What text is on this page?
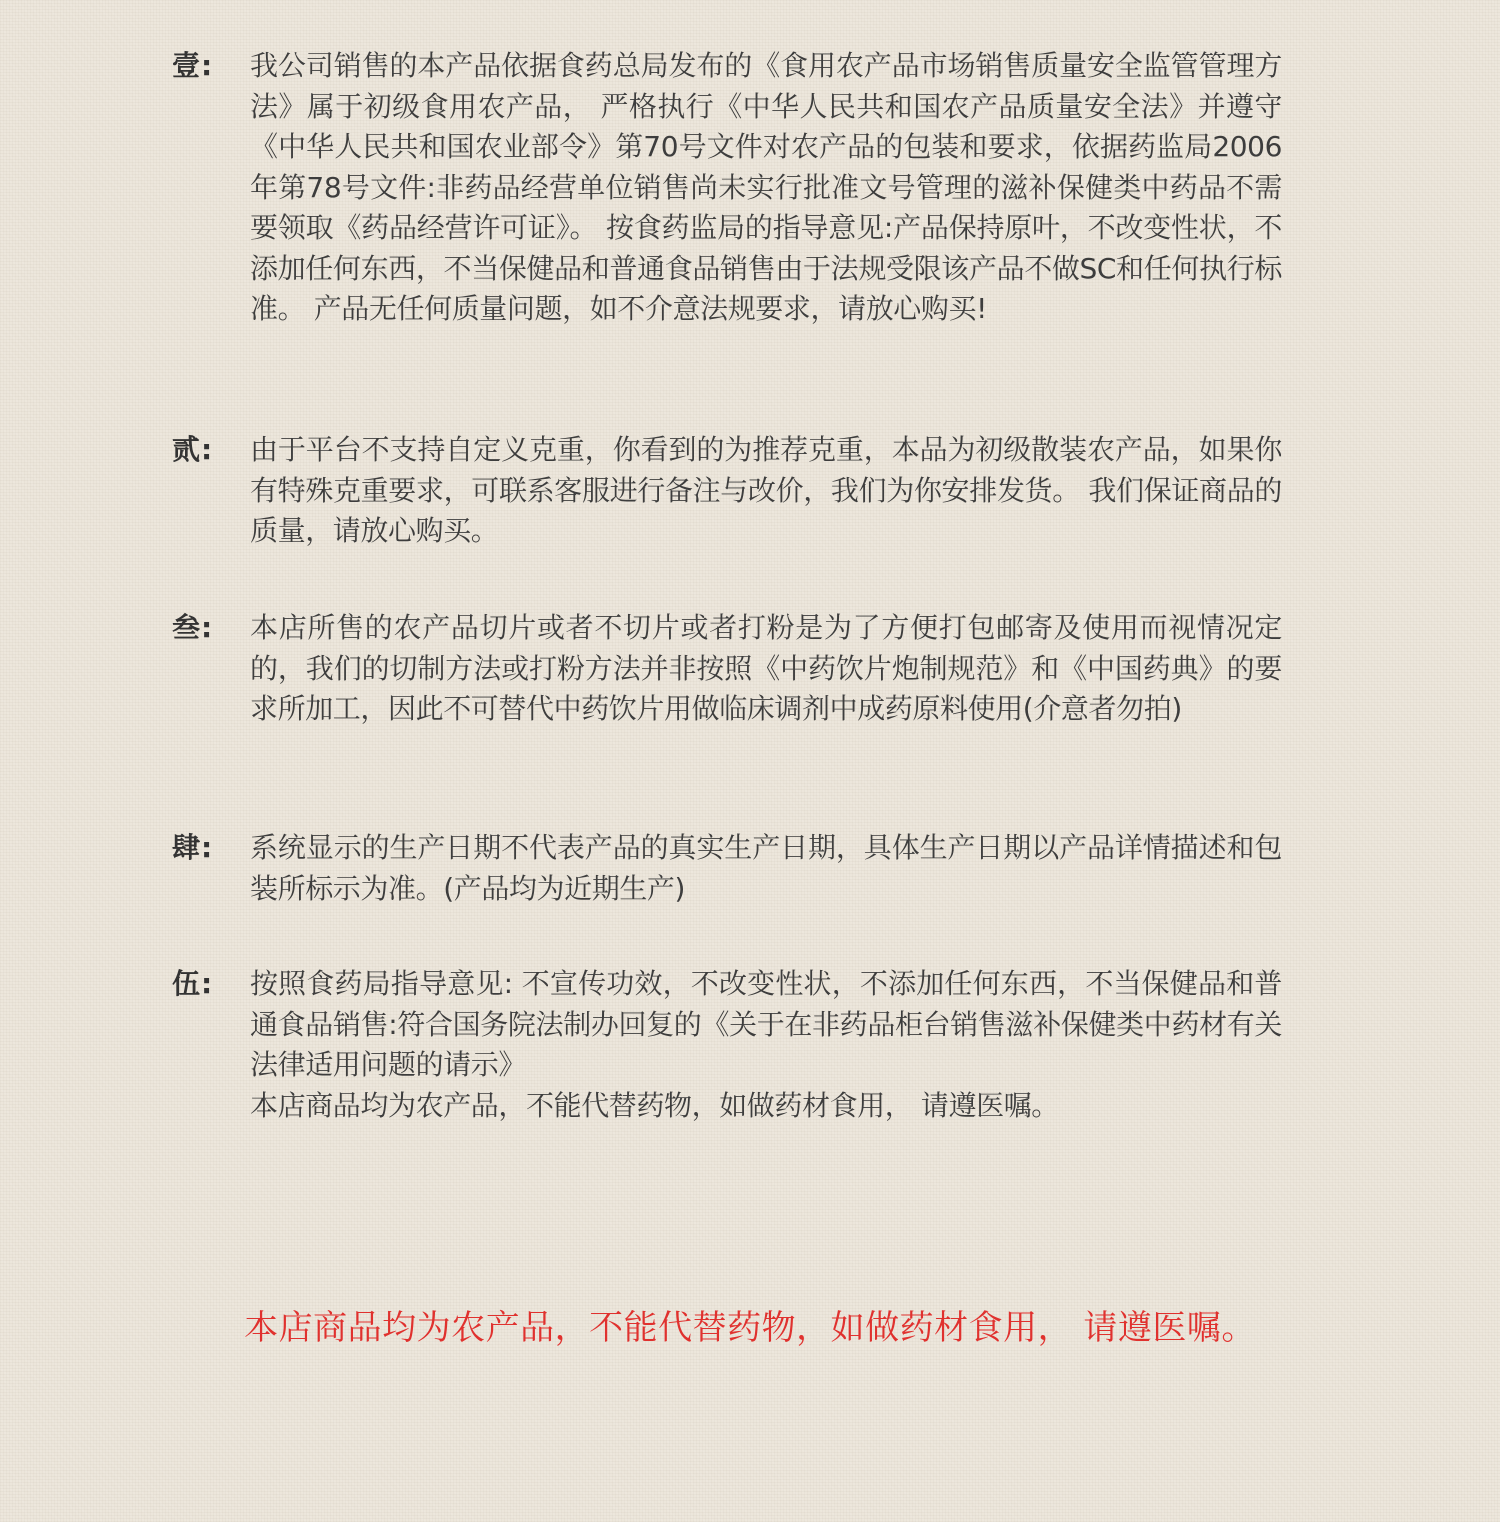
壹:	我公司销售的本产品依据食药总局发布的《食用农产品市场销售质量安全监管管理方法》属于初级食用农产品， 严格执行《中华人民共和国农产品质量安全法》并遵守《中华人民共和国农业部令》第70号文件对农产品的包装和要求，依据药监局2006年第78号文件:非药品经营单位销售尚未实行批准文号管理的滋补保健类中药品不需要领取《药品经营许可证》。 按食药监局的指导意见:产品保持原叶，不改变性状，不添加任何东西，不当保健品和普通食品销售由于法规受限该产品不做SC和任何执行标准。 产品无任何质量问题，如不介意法规要求，请放心购买!
贰:	由于平台不支持自定义克重，你看到的为推荐克重，本品为初级散装农产品，如果你有特殊克重要求，可联系客服进行备注与改价，我们为你安排发货。 我们保证商品的质量，请放心购买。
叁:	本店所售的农产品切片或者不切片或者打粉是为了方便打包邮寄及使用而视情况定的，我们的切制方法或打粉方法并非按照《中药饮片炮制规范》和《中国药典》的要求所加工，因此不可替代中药饮片用做临床调剂中成药原料使用(介意者勿拍)
肆:	系统显示的生产日期不代表产品的真实生产日期，具体生产日期以产品详情描述和包装所标示为准。(产品均为近期生产)
伍:	按照食药局指导意见: 不宣传功效，不改变性状，不添加任何东西，不当保健品和普通食品销售:符合国务院法制办回复的《关于在非药品柜台销售滋补保健类中药材有关法律适用问题的请示》
本店商品均为农产品，不能代替药物，如做药材食用， 请遵医嘱。
本店商品均为农产品，不能代替药物，如做药材食用， 请遵医嘱。
